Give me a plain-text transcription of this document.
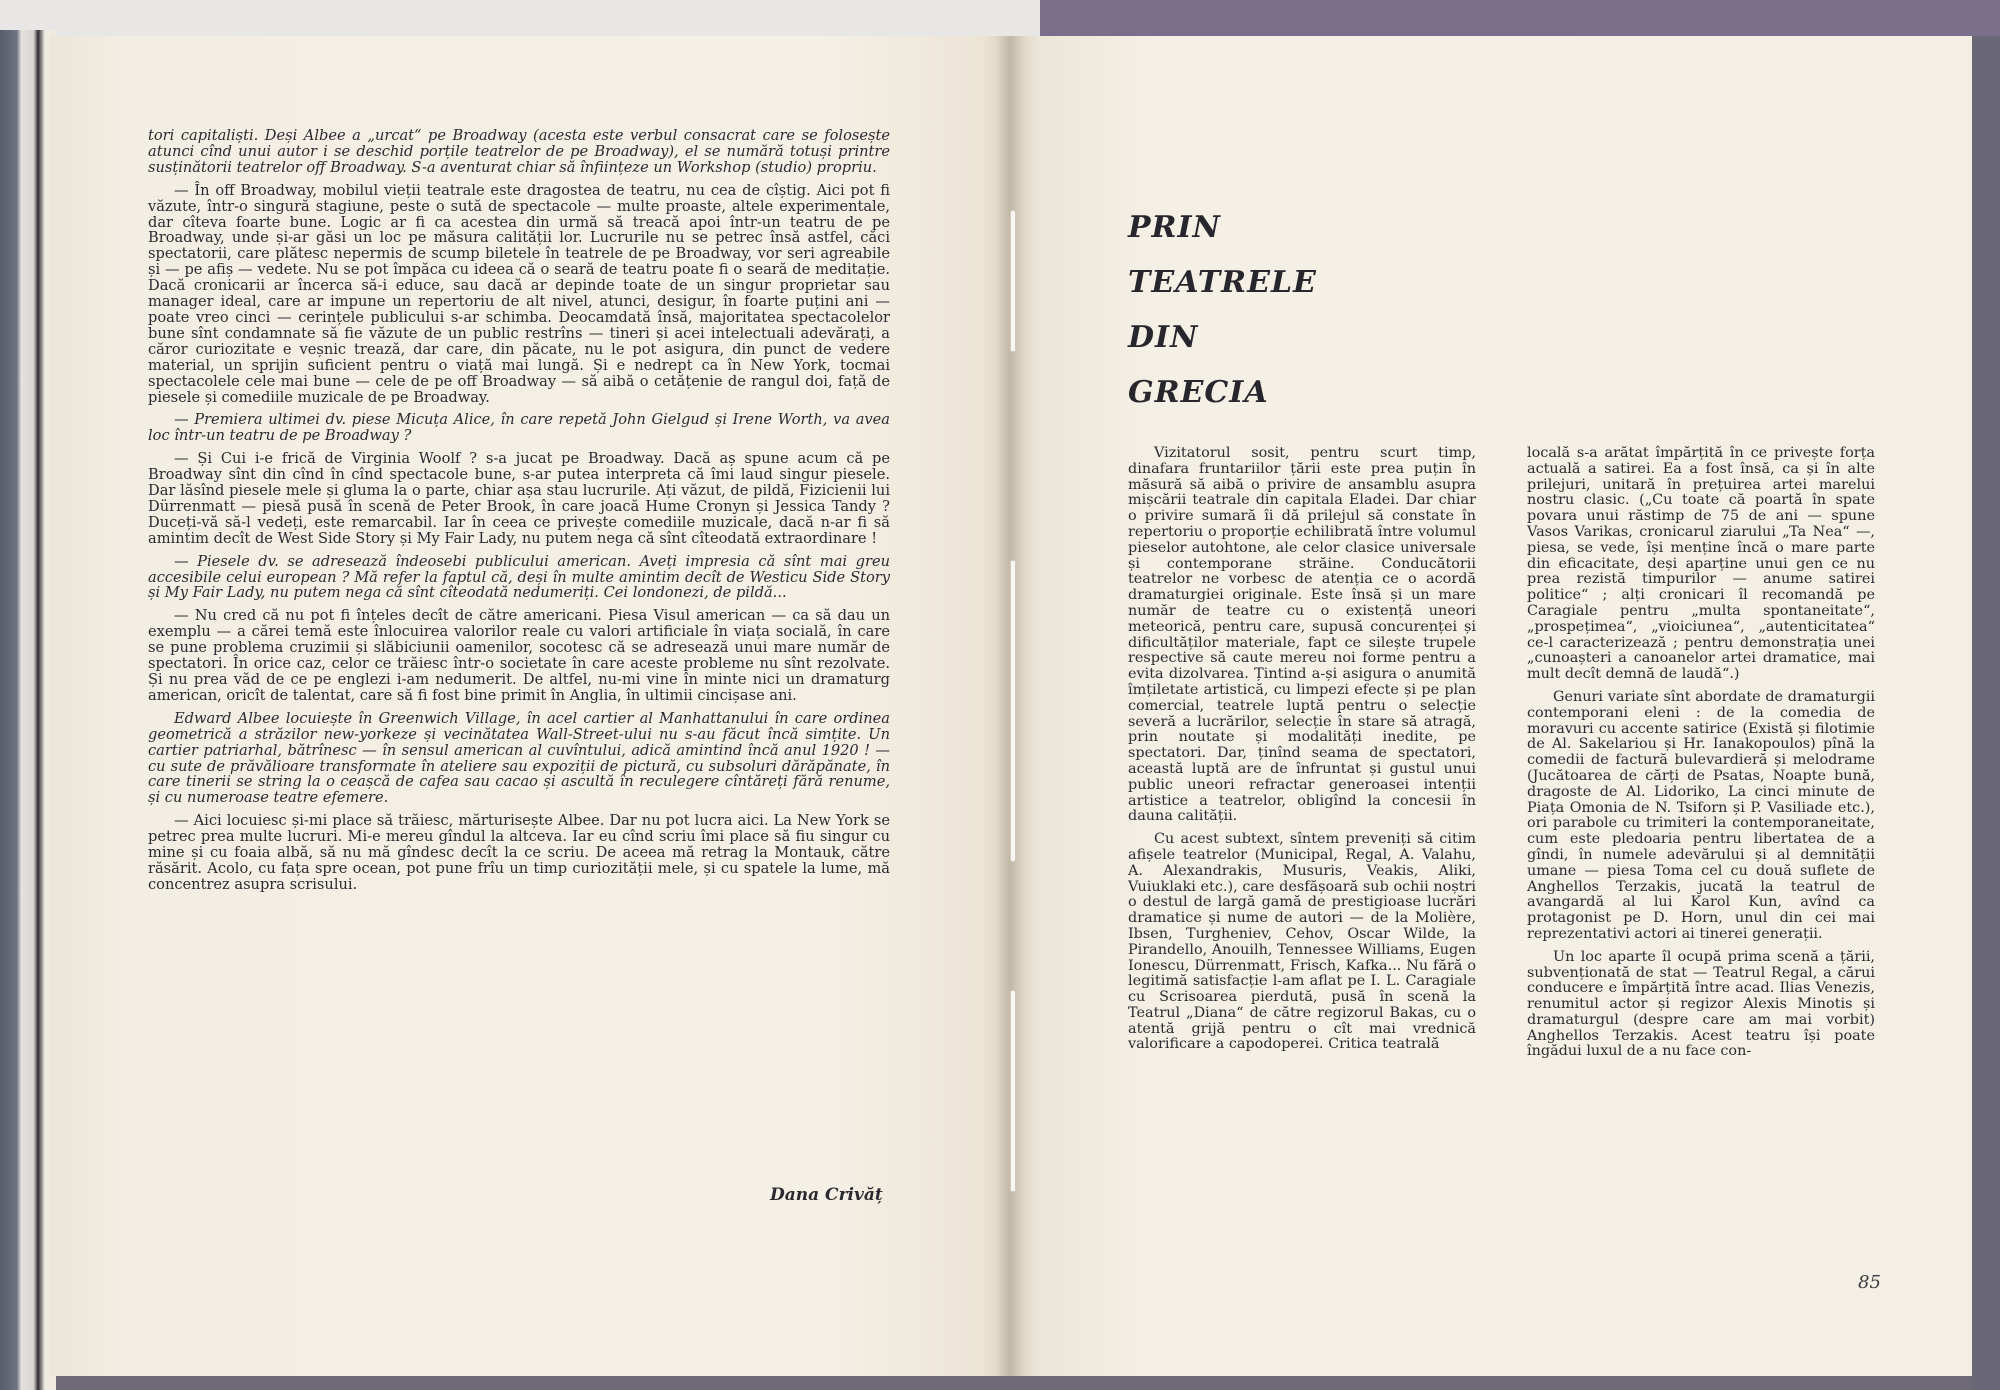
tori capitaliști. Deși Albee a „urcat“ pe Broadway (acesta este verbul consacrat care se folosește atunci cînd unui autor i se deschid porțile teatrelor de pe Broadway), el se numără totuși printre susținătorii teatrelor off Broadway. S-a aventurat chiar să înființeze un Workshop (studio) propriu.

— În off Broadway, mobilul vieții teatrale este dragostea de teatru, nu cea de cîștig. Aici pot fi văzute, într-o singură stagiune, peste o sută de spectacole — multe proaste, altele experimentale, dar cîteva foarte bune. Logic ar fi ca acestea din urmă să treacă apoi într-un teatru de pe Broadway, unde și-ar găsi un loc pe măsura calității lor. Lucrurile nu se petrec însă astfel, căci spectatorii, care plătesc nepermis de scump biletele în teatrele de pe Broadway, vor seri agreabile și — pe afiș — vedete. Nu se pot împăca cu ideea că o seară de teatru poate fi o seară de meditație. Dacă cronicarii ar încerca să-i educe, sau dacă ar depinde toate de un singur proprietar sau manager ideal, care ar impune un repertoriu de alt nivel, atunci, desigur, în foarte puțini ani — poate vreo cinci — cerințele publicului s-ar schimba. Deocamdată însă, majoritatea spectacolelor bune sînt condamnate să fie văzute de un public restrîns — tineri și acei intelectuali adevărați, a căror curiozitate e veșnic trează, dar care, din păcate, nu le pot asigura, din punct de vedere material, un sprijin suficient pentru o viață mai lungă. Și e nedrept ca în New York, tocmai spectacolele cele mai bune — cele de pe off Broadway — să aibă o cetățenie de rangul doi, față de piesele și comediile muzicale de pe Broadway.

— Premiera ultimei dv. piese Micuța Alice, în care repetă John Gielgud și Irene Worth, va avea loc într-un teatru de pe Broadway ?

— Și Cui i-e frică de Virginia Woolf ? s-a jucat pe Broadway. Dacă aș spune acum că pe Broadway sînt din cînd în cînd spectacole bune, s-ar putea interpreta că îmi laud singur piesele. Dar lăsînd piesele mele și gluma la o parte, chiar așa stau lucrurile. Ați văzut, de pildă, Fizicienii lui Dürrenmatt — piesă pusă în scenă de Peter Brook, în care joacă Hume Cronyn și Jessica Tandy ? Duceți-vă să-l vedeți, este remarcabil. Iar în ceea ce privește comediile muzicale, dacă n-ar fi să amintim decît de West Side Story și My Fair Lady, nu putem nega că sînt cîteodată extraordinare !

— Piesele dv. se adresează îndeosebi publicului american. Aveți impresia că sînt mai greu accesibile celui european ? Mă refer la faptul că, deși în multe amintim decît de Westicu Side Story și My Fair Lady, nu putem nega că sînt cîteodată nedumeriți. Cei londonezi, de pildă...

— Nu cred că nu pot fi înțeles decît de către americani. Piesa Visul american — ca să dau un exemplu — a cărei temă este înlocuirea valorilor reale cu valori artificiale în viața socială, în care se pune problema cruzimii și slăbiciunii oamenilor, socotesc că se adresează unui mare număr de spectatori. În orice caz, celor ce trăiesc într-o societate în care aceste probleme nu sînt rezolvate. Și nu prea văd de ce pe englezi i-am nedumerit. De altfel, nu-mi vine în minte nici un dramaturg american, oricît de talentat, care să fi fost bine primit în Anglia, în ultimii cincișase ani.

Edward Albee locuiește în Greenwich Village, în acel cartier al Manhattanului în care ordinea geometrică a străzilor new-yorkeze și vecinătatea Wall-Street-ului nu s-au făcut încă simțite. Un cartier patriarhal, bătrînesc — în sensul american al cuvîntului, adică amintind încă anul 1920 ! — cu sute de prăvălioare transformate în ateliere sau expoziții de pictură, cu subsoluri dărăpănate, în care tinerii se string la o ceașcă de cafea sau cacao și ascultă în reculegere cîntăreți fără renume, și cu numeroase teatre efemere.

— Aici locuiesc și-mi place să trăiesc, mărturisește Albee. Dar nu pot lucra aici. La New York se petrec prea multe lucruri. Mi-e mereu gîndul la altceva. Iar eu cînd scriu îmi place să fiu singur cu mine și cu foaia albă, să nu mă gîndesc decît la ce scriu. De aceea mă retrag la Montauk, către răsărit. Acolo, cu fața spre ocean, pot pune frîu un timp curiozității mele, și cu spatele la lume, mă concentrez asupra scrisului.

Dana Crivăț
PRIN
TEATRELE
DIN
GRECIA

Vizitatorul sosit, pentru scurt timp, dinafara fruntariilor țării este prea puțin în măsură să aibă o privire de ansamblu asupra mișcării teatrale din capitala Eladei. Dar chiar o privire sumară îi dă prilejul să constate în repertoriu o proporție echilibrată între volumul pieselor autohtone, ale celor clasice universale și contemporane străine. Conducătorii teatrelor ne vorbesc de atenția ce o acordă dramaturgiei originale. Este însă și un mare număr de teatre cu o existență uneori meteorică, pentru care, supusă concurenței și dificultăților materiale, fapt ce silește trupele respective să caute mereu noi forme pentru a evita dizolvarea. Țintind a-și asigura o anumită îmțiletate artistică, cu limpezi efecte și pe plan comercial, teatrele luptă pentru o selecție severă a lucrărilor, selecție în stare să atragă, prin noutate și modalități inedite, pe spectatori. Dar, ținînd seama de spectatori, această luptă are de înfruntat și gustul unui public uneori refractar generoasei intenții artistice a teatrelor, obligînd la concesii în dauna calității.

Cu acest subtext, sîntem preveniți să citim afișele teatrelor (Municipal, Regal, A. Valahu, A. Alexandrakis, Musuris, Veakis, Aliki, Vuiuklaki etc.), care desfășoară sub ochii noștri o destul de largă gamă de prestigioase lucrări dramatice și nume de autori — de la Molière, Ibsen, Turgheniev, Cehov, Oscar Wilde, la Pirandello, Anouilh, Tennessee Williams, Eugen Ionescu, Dürrenmatt, Frisch, Kafka... Nu fără o legitimă satisfacție l-am aflat pe I. L. Caragiale cu Scrisoarea pierdută, pusă în scenă la Teatrul „Diana“ de către regizorul Bakas, cu o atentă grijă pentru o cît mai vrednică valorificare a capodoperei. Critica teatrală

locală s-a arătat împărțită în ce privește forța actuală a satirei. Ea a fost însă, ca și în alte prilejuri, unitară în prețuirea artei marelui nostru clasic. („Cu toate că poartă în spate povara unui răstimp de 75 de ani — spune Vasos Varikas, cronicarul ziarului „Ta Nea“ —, piesa, se vede, își menține încă o mare parte din eficacitate, deși aparține unui gen ce nu prea rezistă timpurilor — anume satirei politice“ ; alți cronicari îl recomandă pe Caragiale pentru „multa spontaneitate“, „prospețimea“, „vioiciunea“, „autenticitatea“ ce-l caracterizează ; pentru demonstrația unei „cunoașteri a canoanelor artei dramatice, mai mult decît demnă de laudă“.)

Genuri variate sînt abordate de dramaturgii contemporani eleni : de la comedia de moravuri cu accente satirice (Există și filotimie de Al. Sakelariou și Hr. Ianakopoulos) pînă la comedii de factură bulevardieră și melodrame (Jucătoarea de cărți de Psatas, Noapte bună, dragoste de Al. Lidoriko, La cinci minute de Piața Omonia de N. Tsiforn și P. Vasiliade etc.), ori parabole cu trimiteri la contemporaneitate, cum este pledoaria pentru libertatea de a gîndi, în numele adevărului și al demnității umane — piesa Toma cel cu două suflete de Anghellos Terzakis, jucată la teatrul de avangardă al lui Karol Kun, avînd ca protagonist pe D. Horn, unul din cei mai reprezentativi actori ai tinerei generații.

Un loc aparte îl ocupă prima scenă a țării, subvenționată de stat — Teatrul Regal, a cărui conducere e împărțită între acad. Ilias Venezis, renumitul actor și regizor Alexis Minotis și dramaturgul (despre care am mai vorbit) Anghellos Terzakis. Acest teatru își poate îngădui luxul de a nu face con-

85
